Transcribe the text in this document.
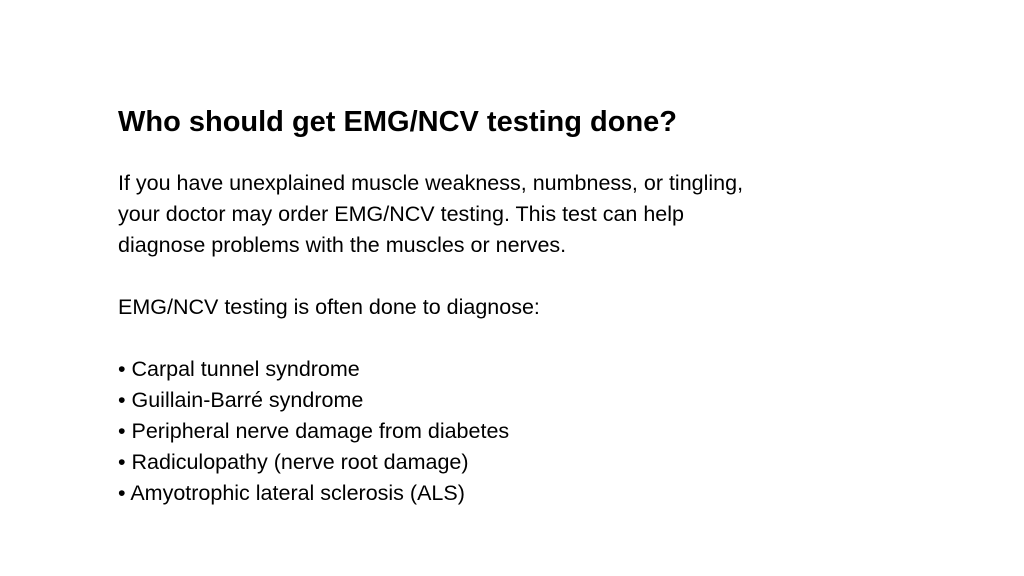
Who should get EMG/NCV testing done?

If you have unexplained muscle weakness, numbness, or tingling,
your doctor may order EMG/NCV testing. This test can help
diagnose problems with the muscles or nerves.

EMG/NCV testing is often done to diagnose:

• Carpal tunnel syndrome
• Guillain-Barré syndrome
• Peripheral nerve damage from diabetes
• Radiculopathy (nerve root damage)
• Amyotrophic lateral sclerosis (ALS)
